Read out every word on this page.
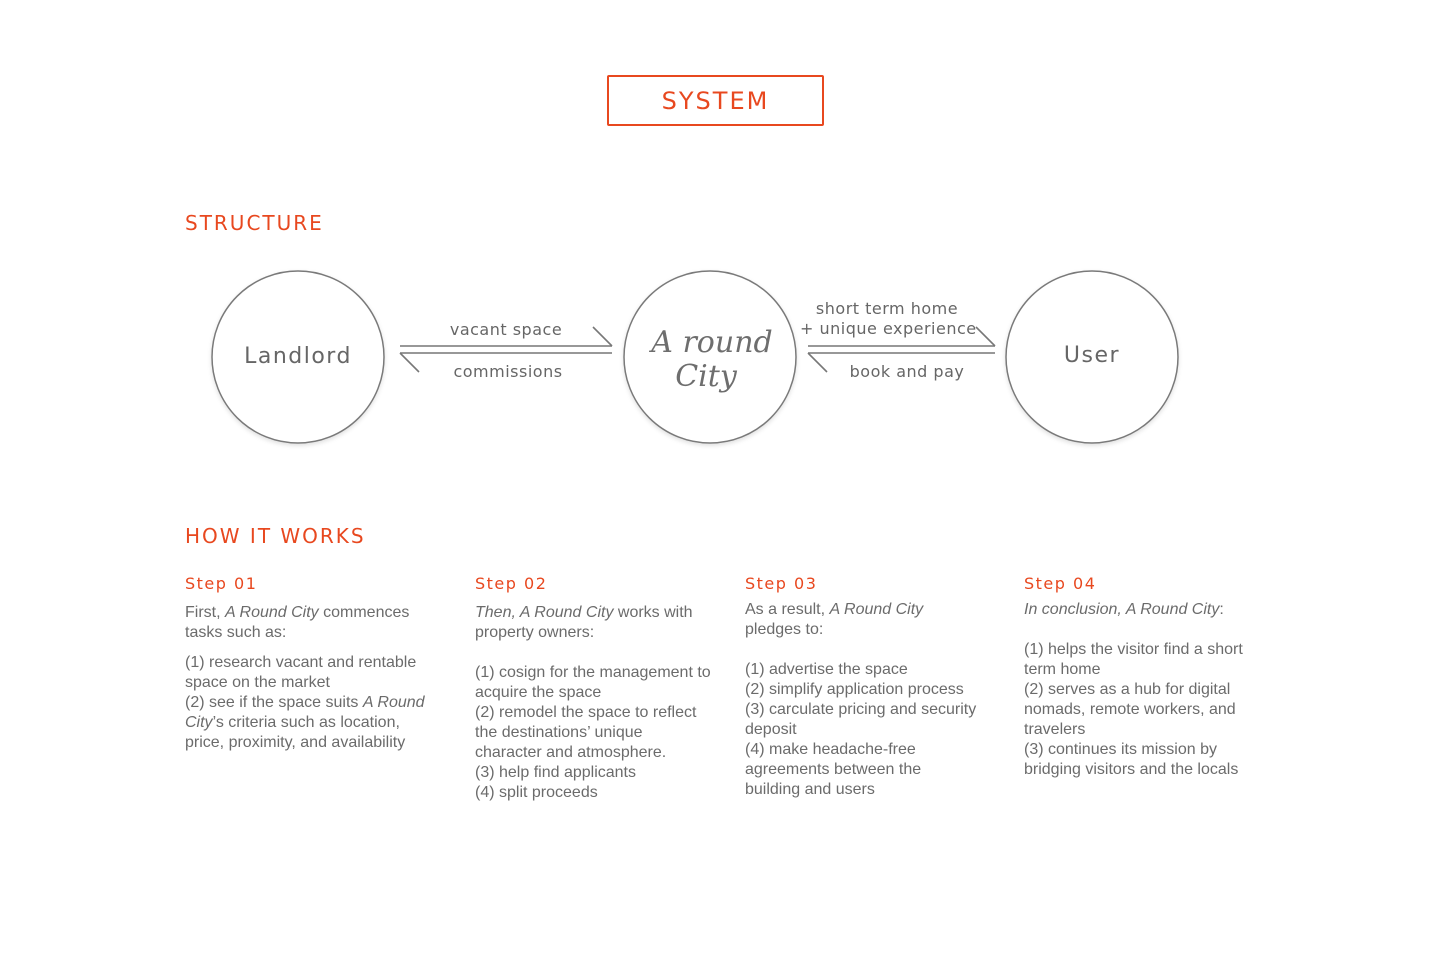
SYSTEM
STRUCTURE
A round
City
Landlord	User
vacant space
commissions
short term home
+ unique experience
book and pay
HOW IT WORKS
Step 01

First, A Round City commences tasks such as:

(1) research vacant and rentable space on the market

(2) see if the space suits A Round City’s criteria such as location, price, proximity, and availability

Step 02

Then, A Round City works with property owners:

(1) cosign for the management to acquire the space

(2) remodel the space to reflect the destinations’ unique character and atmosphere.

(3) help find applicants

(4) split proceeds

Step 03

As a result, A Round City pledges to:

(1) advertise the space

(2) simplify application process

(3) carculate pricing and security deposit

(4) make headache-free agreements between the building and users

Step 04

In conclusion, A Round City:

(1) helps the visitor find a short term home

(2) serves as a hub for digital nomads, remote workers, and travelers

(3) continues its mission by bridging visitors and the locals
